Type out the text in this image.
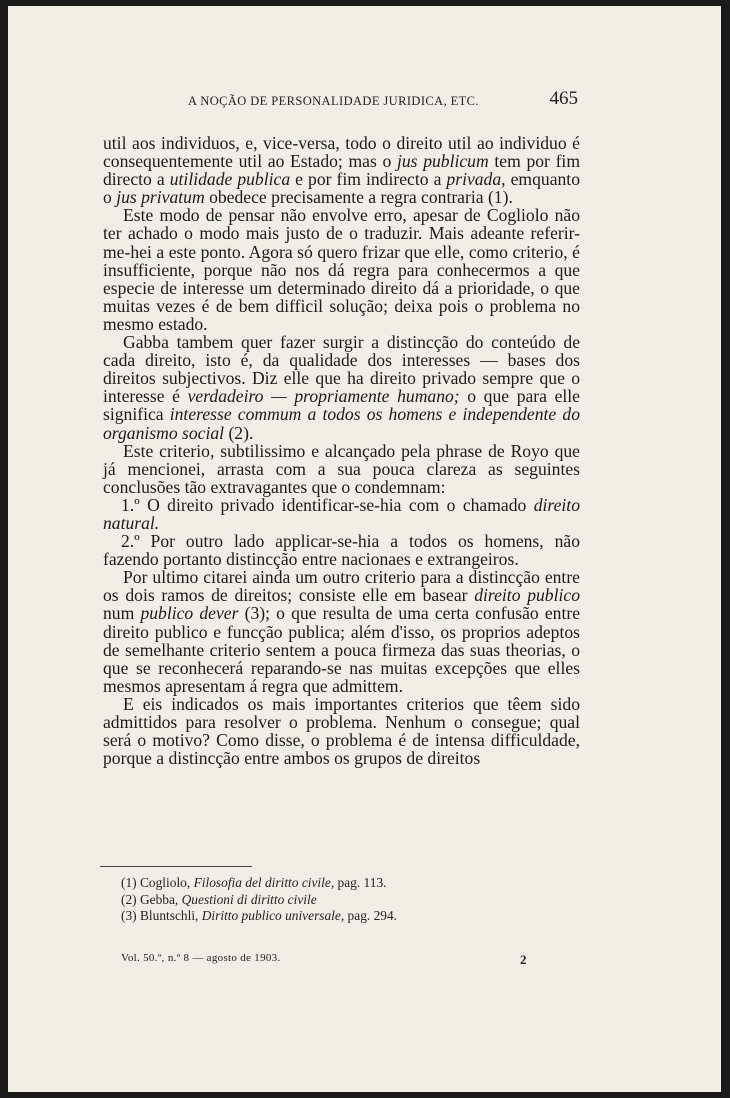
A NOÇÃO DE PERSONALIDADE JURIDICA, ETC.	465

util aos individuos, e, vice-versa, todo o direito util ao individuo é consequentemente util ao Estado; mas o jus publicum tem por fim directo a utilidade publica e por fim indirecto a privada, emquanto o jus privatum obedece precisamente a regra contraria (1).

Este modo de pensar não envolve erro, apesar de Cogliolo não ter achado o modo mais justo de o traduzir. Mais adeante referir-me-hei a este ponto. Agora só quero frizar que elle, como criterio, é insufficiente, porque não nos dá regra para conhecermos a que especie de interesse um determinado direito dá a prioridade, o que muitas vezes é de bem difficil solução; deixa pois o problema no mesmo estado.

Gabba tambem quer fazer surgir a distincção do conteúdo de cada direito, isto é, da qualidade dos interesses — bases dos direitos subjectivos. Diz elle que ha direito privado sempre que o interesse é verdadeiro — propriamente humano; o que para elle significa interesse commum a todos os homens e independente do organismo social (2).

Este criterio, subtilissimo e alcançado pela phrase de Royo que já mencionei, arrasta com a sua pouca clareza as seguintes conclusões tão extravagantes que o condemnam:

1.º O direito privado identificar-se-hia com o chamado direito natural.

2.º Por outro lado applicar-se-hia a todos os homens, não fazendo portanto distincção entre nacionaes e extrangeiros.

Por ultimo citarei ainda um outro criterio para a distincção entre os dois ramos de direitos; consiste elle em basear direito publico num publico dever (3); o que resulta de uma certa confusão entre direito publico e funcção publica; além d'isso, os proprios adeptos de semelhante criterio sentem a pouca firmeza das suas theorias, o que se reconhecerá reparando-se nas muitas excepções que elles mesmos apresentam á regra que admittem.

E eis indicados os mais importantes criterios que têem sido admittidos para resolver o problema. Nenhum o consegue; qual será o motivo? Como disse, o problema é de intensa difficuldade, porque a distincção entre ambos os grupos de direitos

(1) Cogliolo, Filosofia del diritto civile, pag. 113.

(2) Gebba, Questioni di diritto civile

(3) Bluntschli, Diritto publico universale, pag. 294.

Vol. 50.º, n.º 8 — agosto de 1903.	2
